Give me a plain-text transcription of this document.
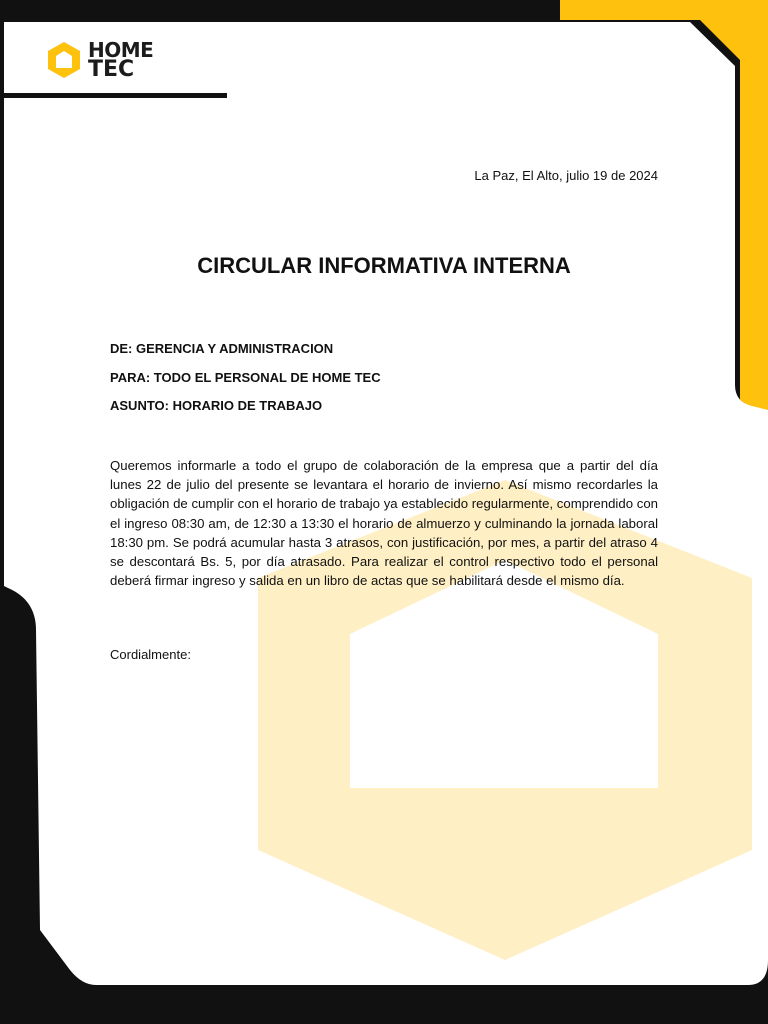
HOME
TEC
La Paz, El Alto, julio 19 de 2024
CIRCULAR INFORMATIVA INTERNA
DE: GERENCIA Y ADMINISTRACION
PARA: TODO EL PERSONAL DE HOME TEC
ASUNTO: HORARIO DE TRABAJO

Queremos informarle a todo el grupo de colaboración de la empresa que a partir del día lunes 22 de julio del presente se levantara el horario de invierno. Así mismo recordarles la obligación de cumplir con el horario de trabajo ya establecido regularmente, comprendido con el ingreso 08:30 am, de 12:30 a 13:30 el horario de almuerzo y culminando la jornada laboral 18:30 pm. Se podrá acumular hasta 3 atrasos, con justificación, por mes, a partir del atraso 4 se descontará Bs. 5, por día atrasado. Para realizar el control respectivo todo el personal deberá firmar ingreso y salida en un libro de actas que se habilitará desde el mismo día.

Cordialmente:
